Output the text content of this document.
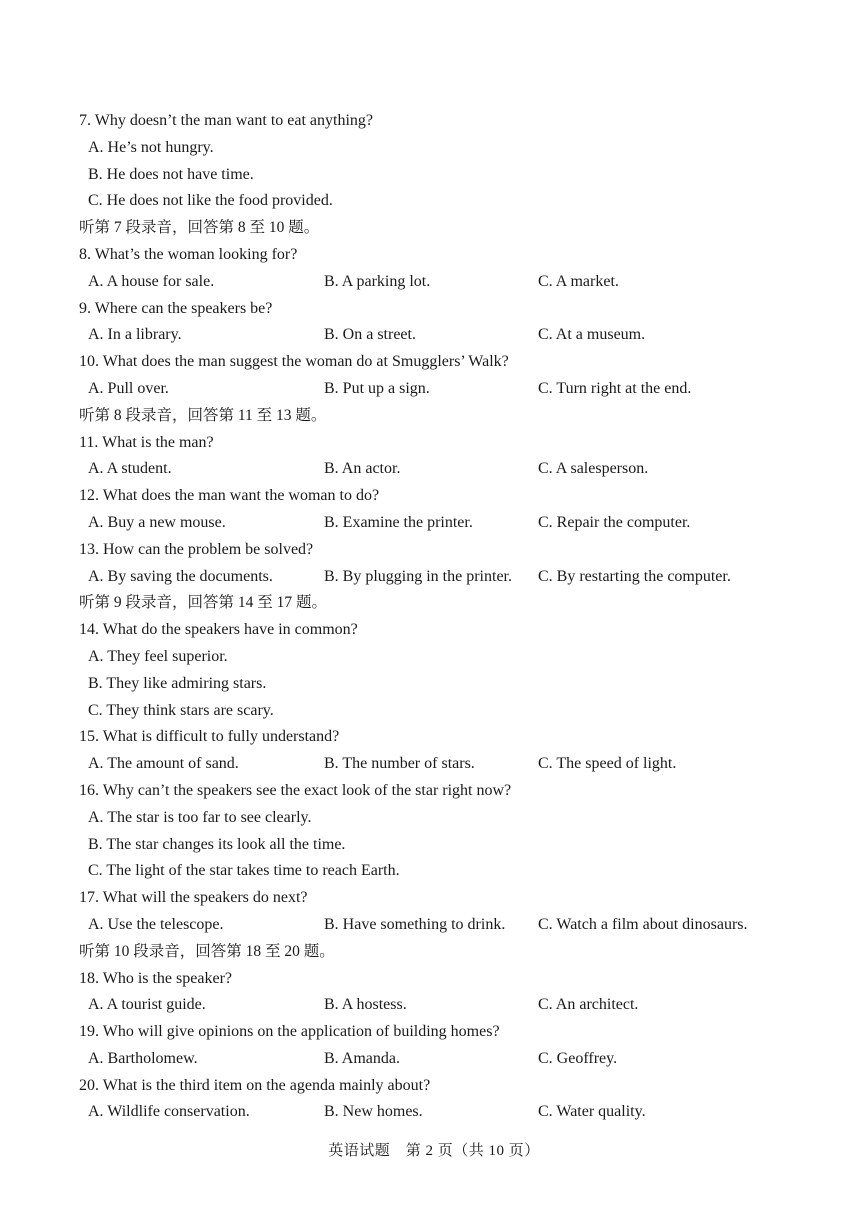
7. Why doesn’t the man want to eat anything?
A. He’s not hungry.
B. He does not have time.
C. He does not like the food provided.
听第 7 段录音，回答第 8 至 10 题。
8. What’s the woman looking for?
A. A house for sale.	B. A parking lot.	C. A market.
9. Where can the speakers be?
A. In a library.	B. On a street.	C. At a museum.
10. What does the man suggest the woman do at Smugglers’ Walk?
A. Pull over.	B. Put up a sign.	C. Turn right at the end.
听第 8 段录音，回答第 11 至 13 题。
11. What is the man?
A. A student.	B. An actor.	C. A salesperson.
12. What does the man want the woman to do?
A. Buy a new mouse.	B. Examine the printer.	C. Repair the computer.
13. How can the problem be solved?
A. By saving the documents.	B. By plugging in the printer.	C. By restarting the computer.
听第 9 段录音，回答第 14 至 17 题。
14. What do the speakers have in common?
A. They feel superior.
B. They like admiring stars.
C. They think stars are scary.
15. What is difficult to fully understand?
A. The amount of sand.	B. The number of stars.	C. The speed of light.
16. Why can’t the speakers see the exact look of the star right now?
A. The star is too far to see clearly.
B. The star changes its look all the time.
C. The light of the star takes time to reach Earth.
17. What will the speakers do next?
A. Use the telescope.	B. Have something to drink.	C. Watch a film about dinosaurs.
听第 10 段录音，回答第 18 至 20 题。
18. Who is the speaker?
A. A tourist guide.	B. A hostess.	C. An architect.
19. Who will give opinions on the application of building homes?
A. Bartholomew.	B. Amanda.	C. Geoffrey.
20. What is the third item on the agenda mainly about?
A. Wildlife conservation.	B. New homes.	C. Water quality.
英语试题　第 2 页（共 10 页）
